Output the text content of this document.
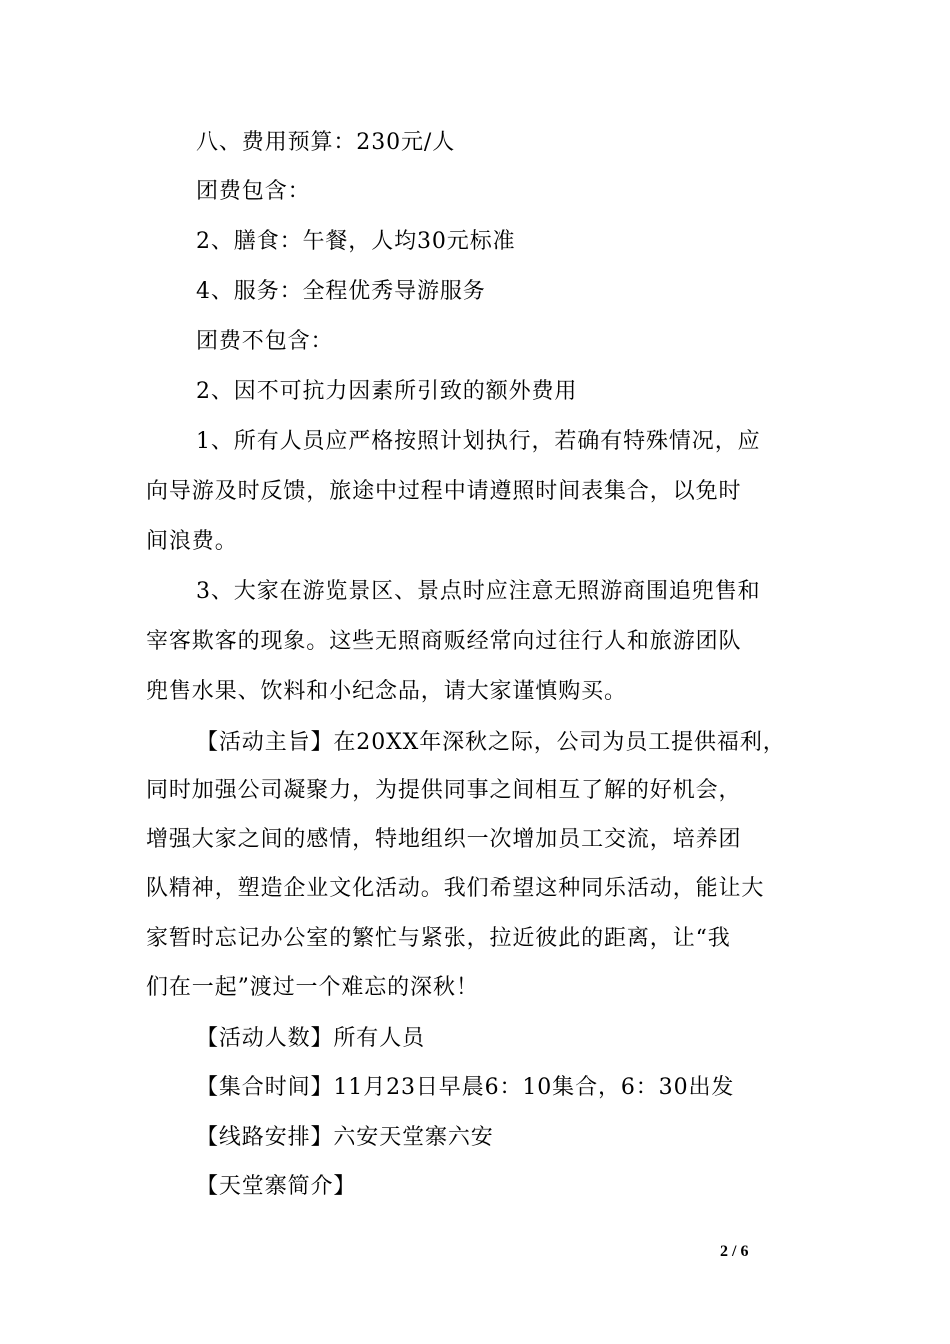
八、费用预算：230元/人
团费包含：
2、膳食：午餐，人均30元标准
4、服务：全程优秀导游服务
团费不包含：
2、因不可抗力因素所引致的额外费用
1、所有人员应严格按照计划执行，若确有特殊情况，应
向导游及时反馈，旅途中过程中请遵照时间表集合，以免时
间浪费。
3、大家在游览景区、景点时应注意无照游商围追兜售和
宰客欺客的现象。这些无照商贩经常向过往行人和旅游团队
兜售水果、饮料和小纪念品，请大家谨慎购买。
【活动主旨】在20XX年深秋之际，公司为员工提供福利，
同时加强公司凝聚力，为提供同事之间相互了解的好机会，
增强大家之间的感情，特地组织一次增加员工交流，培养团
队精神，塑造企业文化活动。我们希望这种同乐活动，能让大
家暂时忘记办公室的繁忙与紧张，拉近彼此的距离，让“我
们在一起”渡过一个难忘的深秋！
【活动人数】所有人员
【集合时间】11月23日早晨6：10集合，6：30出发
【线路安排】六安天堂寨六安
【天堂寨简介】
2 / 6
